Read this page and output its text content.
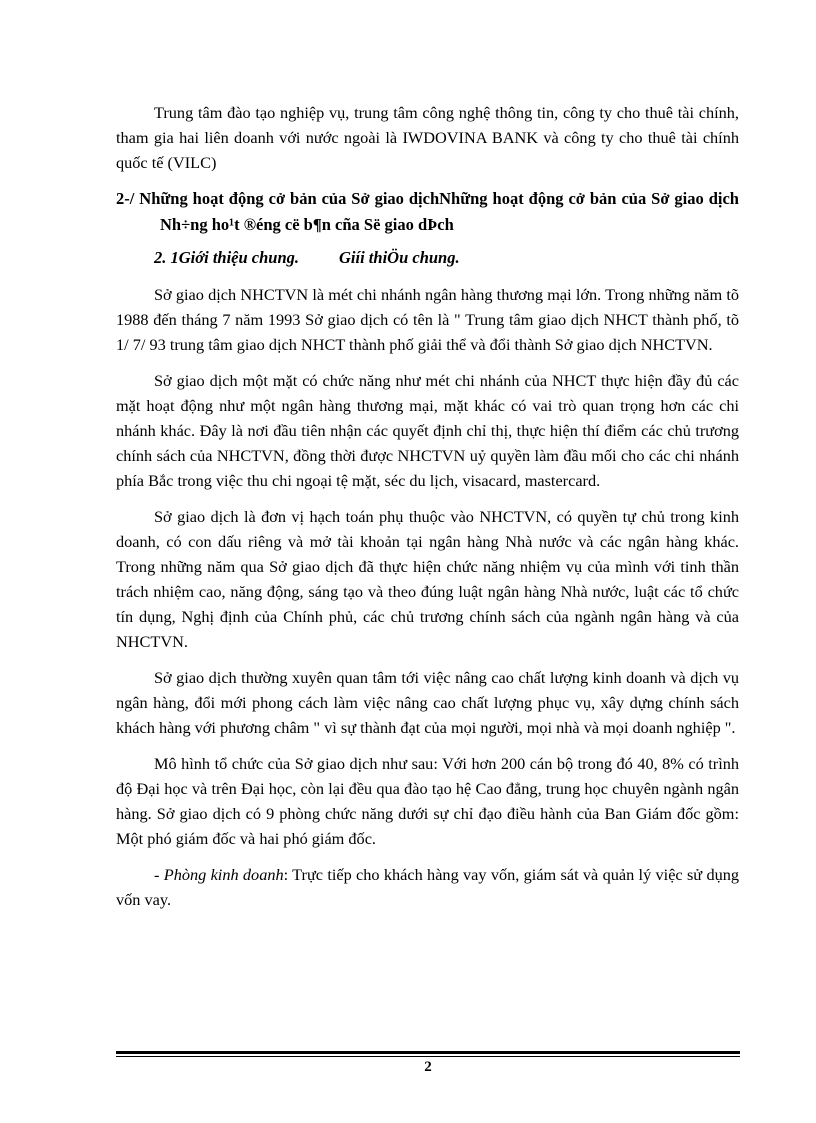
Trung tâm đào tạo nghiệp vụ, trung tâm công nghệ thông tin, công ty cho thuê tài chính, tham gia hai liên doanh với nước ngoài là IWDOVINA BANK và công ty cho thuê tài chính quốc tế (VILC)

2-/ Những hoạt động cở bản của Sở giao dịchNhững hoạt động cở bản của Sở giao dịchNh÷ng ho¹t ®éng cë b¶n cña Së giao dÞch

2. 1Giới thiệu chung. Giíi thiÖu chung.

Sở giao dịch NHCTVN là mét chi nhánh ngân hàng thương mại lớn. Trong những năm tõ 1988 đến tháng 7 năm 1993 Sở giao dịch có tên là " Trung tâm giao dịch NHCT thành phố, tõ 1/ 7/ 93 trung tâm giao dịch NHCT thành phố giải thể và đổi thành Sở giao dịch NHCTVN.

Sở giao dịch một mặt có chức năng như mét chi nhánh của NHCT thực hiện đầy đủ các mặt hoạt động như một ngân hàng thương mại, mặt khác có vai trò quan trọng hơn các chi nhánh khác. Đây là nơi đầu tiên nhận các quyết định chỉ thị, thực hiện thí điểm các chủ trương chính sách của NHCTVN, đồng thời được NHCTVN uỷ quyền làm đầu mối cho các chi nhánh phía Bắc trong việc thu chi ngoại tệ mặt, séc du lịch, visacard, mastercard.

Sở giao dịch là đơn vị hạch toán phụ thuộc vào NHCTVN, có quyền tự chủ trong kinh doanh, có con dấu riêng và mở tài khoản tại ngân hàng Nhà nước và các ngân hàng khác. Trong những năm qua Sở giao dịch đã thực hiện chức năng nhiệm vụ của mình với tinh thần trách nhiệm cao, năng động, sáng tạo và theo đúng luật ngân hàng Nhà nước, luật các tổ chức tín dụng, Nghị định của Chính phủ, các chủ trương chính sách của ngành ngân hàng và của NHCTVN.

Sở giao dịch thường xuyên quan tâm tới việc nâng cao chất lượng kinh doanh và dịch vụ ngân hàng, đổi mới phong cách làm việc nâng cao chất lượng phục vụ, xây dựng chính sách khách hàng với phương châm " vì sự thành đạt của mọi người, mọi nhà và mọi doanh nghiệp ".

Mô hình tổ chức của Sở giao dịch như sau: Với hơn 200 cán bộ trong đó 40, 8% có trình độ Đại học và trên Đại học, còn lại đều qua đào tạo hệ Cao đẳng, trung học chuyên ngành ngân hàng. Sở giao dịch có 9 phòng chức năng dưới sự chỉ đạo điều hành của Ban Giám đốc gồm: Một phó giám đốc và hai phó giám đốc.

- Phòng kinh doanh: Trực tiếp cho khách hàng vay vốn, giám sát và quản lý việc sử dụng vốn vay.

2
